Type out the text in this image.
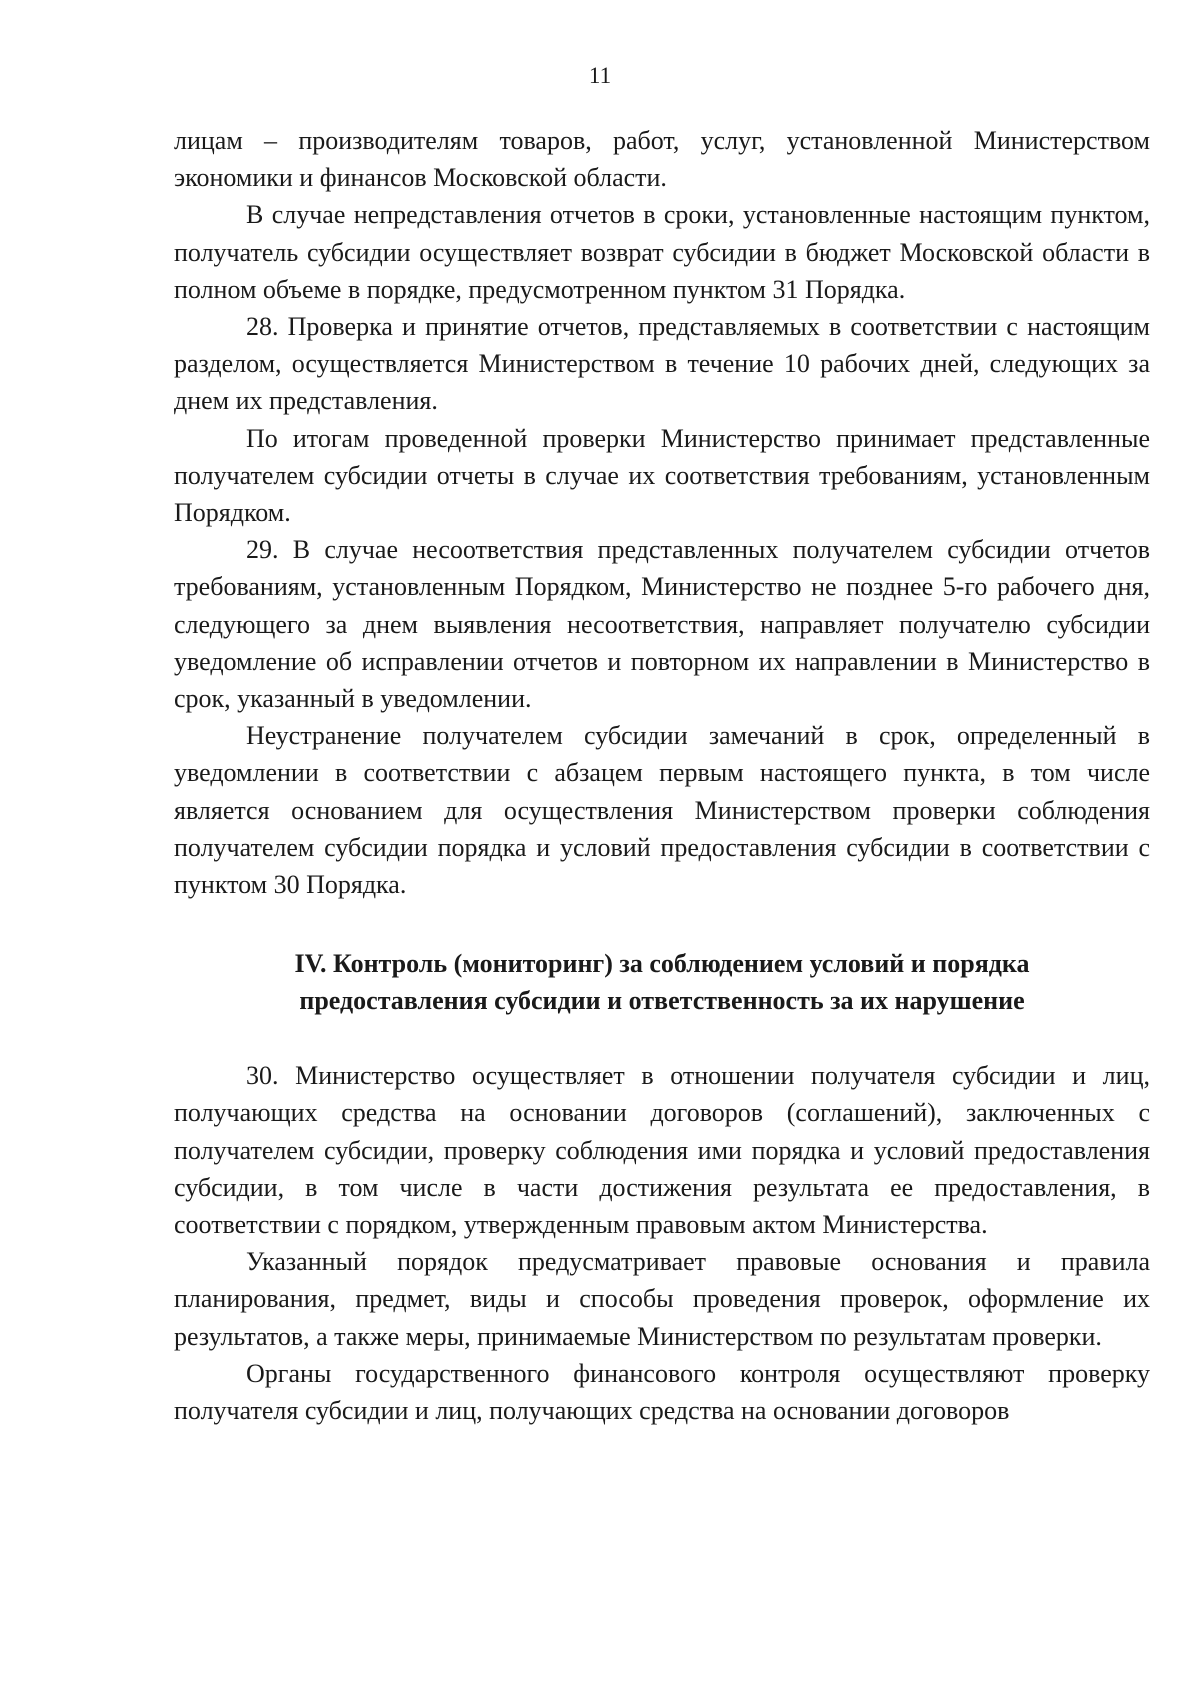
11

лицам – производителям товаров, работ, услуг, установленной Министерством экономики и финансов Московской области.

В случае непредставления отчетов в сроки, установленные настоящим пунктом, получатель субсидии осуществляет возврат субсидии в бюджет Московской области в полном объеме в порядке, предусмотренном пунктом 31 Порядка.

28. Проверка и принятие отчетов, представляемых в соответствии с настоящим разделом, осуществляется Министерством в течение 10 рабочих дней, следующих за днем их представления.

По итогам проведенной проверки Министерство принимает представленные получателем субсидии отчеты в случае их соответствия требованиям, установленным Порядком.

29. В случае несоответствия представленных получателем субсидии отчетов требованиям, установленным Порядком, Министерство не позднее 5-го рабочего дня, следующего за днем выявления несоответствия, направляет получателю субсидии уведомление об исправлении отчетов и повторном их направлении в Министерство в срок, указанный в уведомлении.

Неустранение получателем субсидии замечаний в срок, определенный в уведомлении в соответствии с абзацем первым настоящего пункта, в том числе является основанием для осуществления Министерством проверки соблюдения получателем субсидии порядка и условий предоставления субсидии в соответствии с пунктом 30 Порядка.

IV. Контроль (мониторинг) за соблюдением условий и порядка
предоставления субсидии и ответственность за их нарушение

30. Министерство осуществляет в отношении получателя субсидии и лиц, получающих средства на основании договоров (соглашений), заключенных с получателем субсидии, проверку соблюдения ими порядка и условий предоставления субсидии, в том числе в части достижения результата ее предоставления, в соответствии с порядком, утвержденным правовым актом Министерства.

Указанный порядок предусматривает правовые основания и правила планирования, предмет, виды и способы проведения проверок, оформление их результатов, а также меры, принимаемые Министерством по результатам проверки.

Органы государственного финансового контроля осуществляют проверку получателя субсидии и лиц, получающих средства на основании договоров
